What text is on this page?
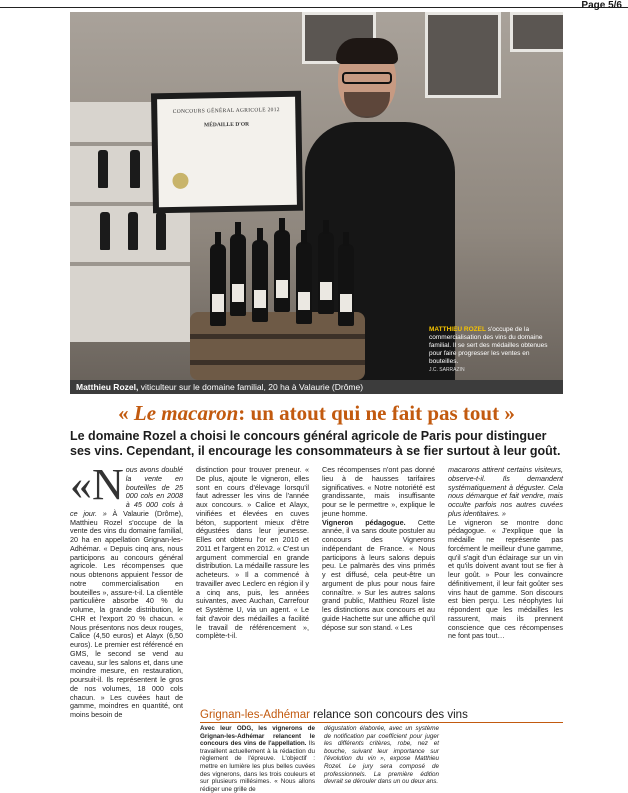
Page 5/6
CONCOURS GÉNÉRAL AGRICOLE 2012
MÉDAILLE D'OR
MATTHIEU ROZEL s'occupe de la commercialisation des vins du domaine familial. Il se sert des médailles obtenues pour faire progresser les ventes en bouteilles.
J.C. SARRAZIN
Matthieu Rozel, viticulteur sur le domaine familial, 20 ha à Valaurie (Drôme)
« Le macaron: un atout qui ne fait pas tout »
Le domaine Rozel a choisi le concours général agricole de Paris pour distinguer ses vins. Cependant, il encourage les consommateurs à se fier surtout à leur goût.
«Nous avons doublé la vente en bouteilles de 25 000 cols en 2008 à 45 000 cols à ce jour. » À Valaurie (Drôme), Matthieu Rozel s'occupe de la vente des vins du domaine familial, 20 ha en appellation Grignan-les-Adhémar. « Depuis cinq ans, nous participons au concours général agricole. Les récompenses que nous obtenons appuient l'essor de notre commercialisation en bouteilles », assure-t-il. La clientèle particulière absorbe 40 % du volume, la grande distribution, le CHR et l'export 20 % chacun. « Nous présentons nos deux rouges, Calice (4,50 euros) et Alayx (6,50 euros). Le premier est référencé en GMS, le second se vend au caveau, sur les salons et, dans une moindre mesure, en restauration, poursuit-il. Ils représentent le gros de nos volumes, 18 000 cols chacun. » Les cuvées haut de gamme, moindres en quantité, ont moins besoin de
distinction pour trouver preneur. « De plus, ajoute le vigneron, elles sont en cours d'élevage lorsqu'il faut adresser les vins de l'année aux concours. » Calice et Alayx, vinifiées et élevées en cuves béton, supportent mieux d'être dégustées dans leur jeunesse. Elles ont obtenu l'or en 2010 et 2011 et l'argent en 2012. « C'est un argument commercial en grande distribution. La médaille rassure les acheteurs. » Il a commencé à travailler avec Leclerc en région il y a cinq ans, puis, les années suivantes, avec Auchan, Carrefour et Système U, via un agent. « Le fait d'avoir des médailles a facilité le travail de référencement », complète-t-il.
Ces récompenses n'ont pas donné lieu à de hausses tarifaires significatives. « Notre notoriété est grandissante, mais insuffisante pour se le permettre », explique le jeune homme.
Vigneron pédagogue. Cette année, il va sans doute postuler au concours des Vignerons indépendant de France. « Nous participons à leurs salons depuis peu. Le palmarès des vins primés y est diffusé, cela peut-être un argument de plus pour nous faire connaître. » Sur les autres salons grand public, Matthieu Rozel liste les distinctions aux concours et au guide Hachette sur une affiche qu'il dépose sur son stand. « Les
macarons attirent certains visiteurs, observe-t-il. Ils demandent systématiquement à déguster. Cela nous démarque et fait vendre, mais occulte parfois nos autres cuvées plus identitaires. »
Le vigneron se montre donc pédagogue. « J'explique que la médaille ne représente pas forcément le meilleur d'une gamme, qu'il s'agit d'un éclairage sur un vin et qu'ils doivent avant tout se fier à leur goût. » Pour les convaincre définitivement, il leur fait goûter ses vins haut de gamme. Son discours est bien perçu. Les néophytes lui répondent que les médailles les rassurent, mais ils prennent conscience que ces récompenses ne font pas tout…
Grignan-les-Adhémar relance son concours des vins
Avec leur ODG, les vignerons de Grignan-les-Adhémar relancent le concours des vins de l'appellation. Ils travaillent actuellement à la rédaction du règlement de l'épreuve. L'objectif : mettre en lumière les plus belles cuvées des vignerons, dans les trois couleurs et sur plusieurs millésimes. « Nous allons rédiger une grille de
dégustation élaborée, avec un système de notification par coefficient pour juger les différents critères, robe, nez et bouche, suivant leur importance sur l'évolution du vin », expose Matthieu Rozel. Le jury sera composé de professionnels. La première édition devrait se dérouler dans un ou deux ans.
